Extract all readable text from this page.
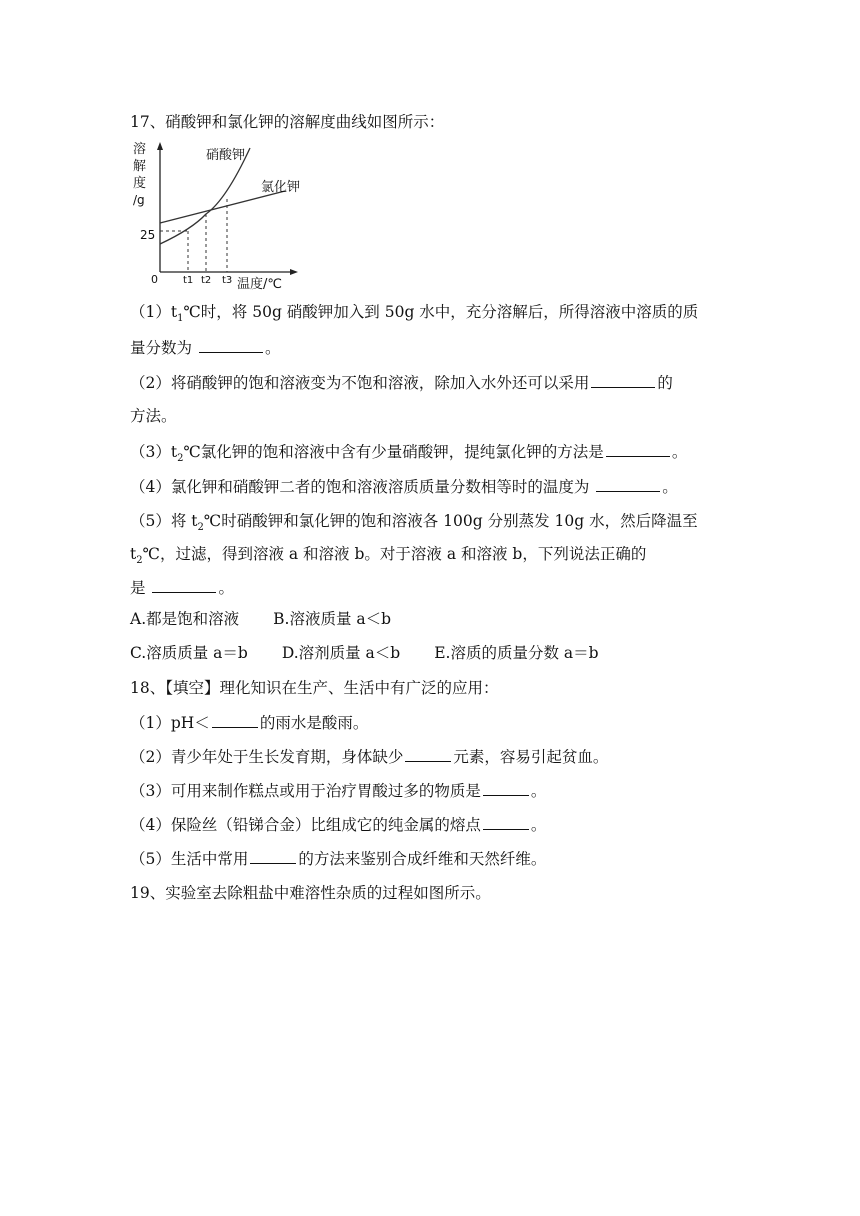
17、硝酸钾和氯化钾的溶解度曲线如图所示：
溶
解
度
/g
0
25
硝酸钾
氯化钾
t1 t2 t3 温度/℃
$(1)t_1℃$时，将 50g 硝酸钾加入到 50g 水中，充分溶解后，所得溶液中溶质的质
量分数为	。
（2）将硝酸钾的饱和溶液变为不饱和溶液，除加入水外还可以采用	的
方法。
$(3)t_2℃$氯化钾的饱和溶液中含有少量硝酸钾，提纯氯化钾的方法是	。
（4）氯化钾和硝酸钾二者的饱和溶液溶质质量分数相等时的温度为	。
（5）将 $t_2℃$时硝酸钾和氯化钾的饱和溶液各 100g 分别蒸发 10g 水，然后降温至
$t_2℃$，过滤，得到溶液 a 和溶液 b。对于溶液 a 和溶液 b，下列说法正确的
是	。
A.都是饱和溶液 B.溶液质量 a＜b
C.溶质质量 a＝b D.溶剂质量 a＜b E.溶质的质量分数 a＝b
18、【填空】理化知识在生产、生活中有广泛的应用：
（1）pH＜	的雨水是酸雨。
（2）青少年处于生长发育期，身体缺少	元素，容易引起贫血。
（3）可用来制作糕点或用于治疗胃酸过多的物质是	。
（4）保险丝（铅锑合金）比组成它的纯金属的熔点	。
（5）生活中常用	的方法来鉴别合成纤维和天然纤维。
19、实验室去除粗盐中难溶性杂质的过程如图所示。
